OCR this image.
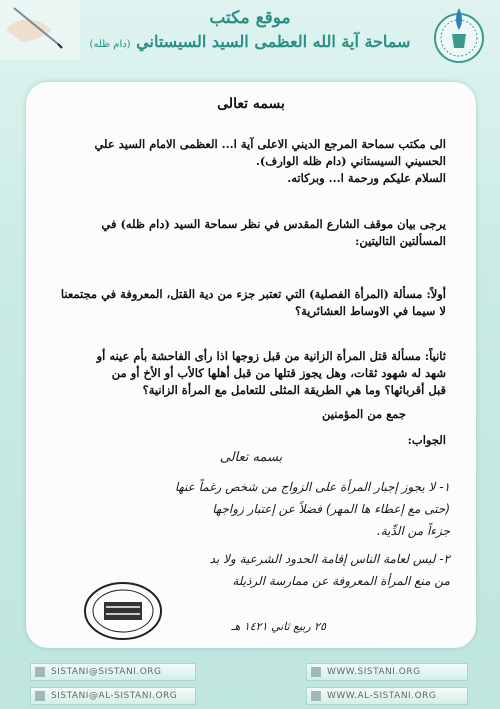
موقع مكتب
سماحة آية الله العظمى السيد السيستاني (دام ظله)
بسمه تعالى
الى مكتب سماحة المرجع الديني الاعلى آية ا... العظمى الامام السيد علي
الحسيني السيستاني (دام ظله الوارف).
السلام عليكم ورحمة ا... وبركاته.
يرجى بيان موقف الشارع المقدس في نظر سماحة السيد (دام ظله) في
المسألتين التاليتين:
أولاً: مسألة (المرأة الفصلية) التي تعتبر جزء من دية القتل، المعروفة في مجتمعنا
لا سيما في الاوساط العشائرية؟
ثانياً: مسألة قتل المرأة الزانية من قبل زوجها اذا رأى الفاحشة بأم عينه أو
شهد له شهود ثقات، وهل يجوز قتلها من قبل أهلها كالأب أو الأخ أو من
قبل أقربائها؟ وما هي الطريقة المثلى للتعامل مع المرأة الزانية؟
جمع من المؤمنين
الجواب:
بسمه تعالى
١- لا يجوز إجبار المرأة على الزواج من شخص رغماً عنها
(حتى مع إعطاء ها المهر) فضلاً عن إعتبار زواجها
جزءاً من الدِّية.
٢- ليس لعامة الناس إقامة الحدود الشرعية ولا بد
من منع المرأة المعروفة عن ممارسة الرذيلة
٢٥ ربيع ثاني ١٤٢١ هـ
SISTANI@SISTANI.ORG
SISTANI@AL-SISTANI.ORG
WWW.SISTANI.ORG
WWW.AL-SISTANI.ORG
